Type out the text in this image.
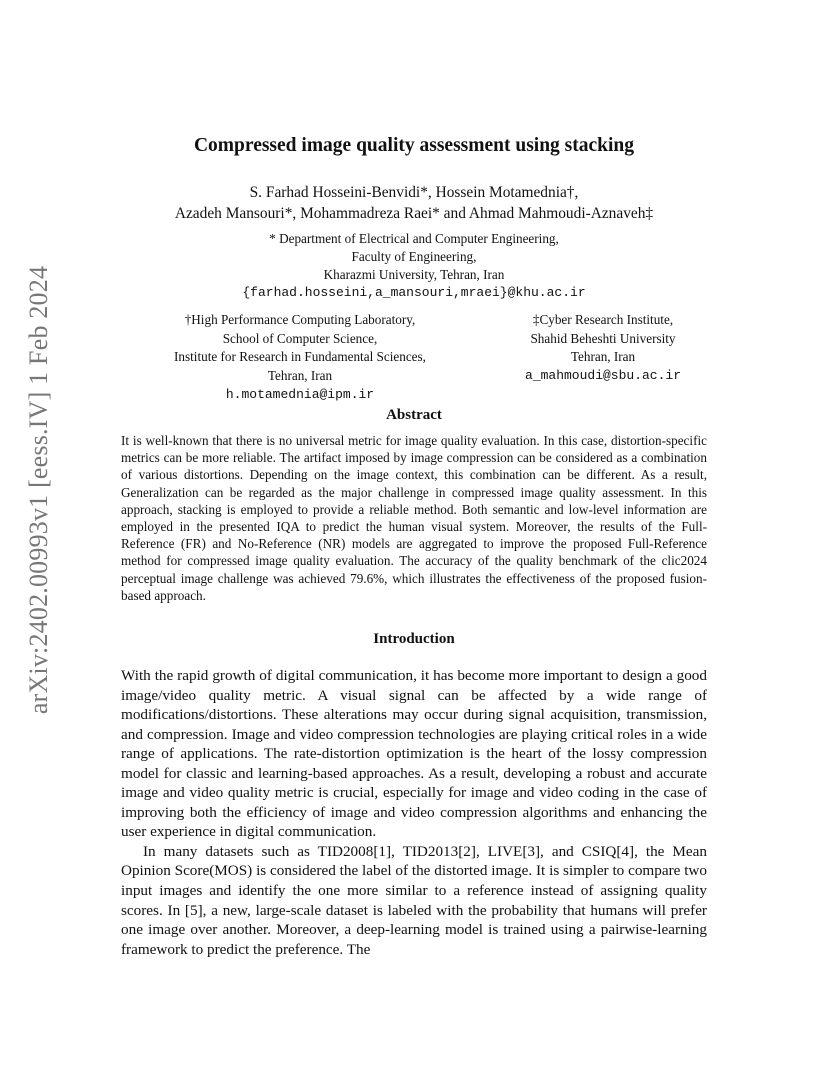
arXiv:2402.00993v1 [eess.IV] 1 Feb 2024
Compressed image quality assessment using stacking
S. Farhad Hosseini-Benvidi*, Hossein Motamednia†,
Azadeh Mansouri*, Mohammadreza Raei* and Ahmad Mahmoudi-Aznaveh‡
* Department of Electrical and Computer Engineering,
Faculty of Engineering,
Kharazmi University, Tehran, Iran
{farhad.hosseini,a_mansouri,mraei}@khu.ac.ir
†High Performance Computing Laboratory,
School of Computer Science,
Institute for Research in Fundamental Sciences,
Tehran, Iran
h.motamednia@ipm.ir
‡Cyber Research Institute,
Shahid Beheshti University
Tehran, Iran
a_mahmoudi@sbu.ac.ir
Abstract
It is well-known that there is no universal metric for image quality evaluation. In this case, distortion-specific metrics can be more reliable. The artifact imposed by image compression can be considered as a combination of various distortions. Depending on the image context, this combination can be different. As a result, Generalization can be regarded as the major challenge in compressed image quality assessment. In this approach, stacking is employed to provide a reliable method. Both semantic and low-level information are employed in the presented IQA to predict the human visual system. Moreover, the results of the Full-Reference (FR) and No-Reference (NR) models are aggregated to improve the proposed Full-Reference method for compressed image quality evaluation. The accuracy of the quality benchmark of the clic2024 perceptual image challenge was achieved 79.6%, which illustrates the effectiveness of the proposed fusion-based approach.
Introduction

With the rapid growth of digital communication, it has become more important to design a good image/video quality metric. A visual signal can be affected by a wide range of modifications/distortions. These alterations may occur during signal acquisition, transmission, and compression. Image and video compression technologies are playing critical roles in a wide range of applications. The rate-distortion optimization is the heart of the lossy compression model for classic and learning-based approaches. As a result, developing a robust and accurate image and video quality metric is crucial, especially for image and video coding in the case of improving both the efficiency of image and video compression algorithms and enhancing the user experience in digital communication.

In many datasets such as TID2008[1], TID2013[2], LIVE[3], and CSIQ[4], the Mean Opinion Score(MOS) is considered the label of the distorted image. It is simpler to compare two input images and identify the one more similar to a reference instead of assigning quality scores. In [5], a new, large-scale dataset is labeled with the probability that humans will prefer one image over another. Moreover, a deep-learning model is trained using a pairwise-learning framework to predict the preference. The
